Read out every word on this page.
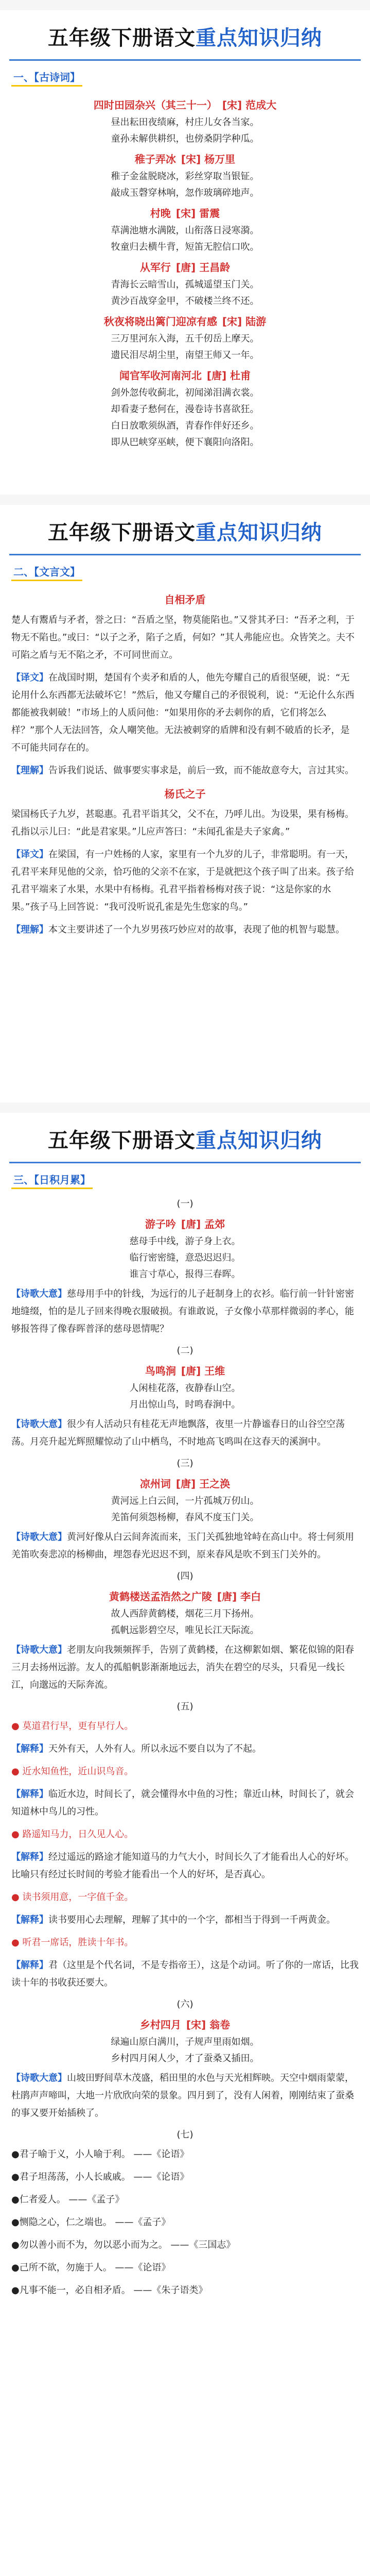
五年级下册语文重点知识归纳
一、【古诗词】
四时田园杂兴（其三十一） [宋] 范成大
昼出耘田夜绩麻，村庄儿女各当家。
童孙未解供耕织，也傍桑阴学种瓜。
稚子弄冰 [宋] 杨万里
稚子金盆脱晓冰，彩丝穿取当银钲。
敲成玉磬穿林响，忽作玻璃碎地声。
村晚 [宋] 雷震
草满池塘水满陂，山衔落日浸寒漪。
牧童归去横牛背，短笛无腔信口吹。
从军行 [唐] 王昌龄
青海长云暗雪山，孤城遥望玉门关。
黄沙百战穿金甲，不破楼兰终不还。
秋夜将晓出篱门迎凉有感 [宋] 陆游
三万里河东入海，五千仞岳上摩天。
遗民泪尽胡尘里，南望王师又一年。
闻官军收河南河北 [唐] 杜甫
剑外忽传收蓟北，初闻涕泪满衣裳。
却看妻子愁何在，漫卷诗书喜欲狂。
白日放歌须纵酒，青春作伴好还乡。
即从巴峡穿巫峡，便下襄阳向洛阳。
五年级下册语文重点知识归纳
二、【文言文】
自相矛盾
楚人有鬻盾与矛者，誉之曰：“吾盾之坚，物莫能陷也。”又誉其矛曰：“吾矛之利，于物无不陷也。”或曰：“以子之矛，陷子之盾，何如？”其人弗能应也。众皆笑之。夫不可陷之盾与无不陷之矛，不可同世而立。
【译文】在战国时期，楚国有个卖矛和盾的人，他先夸耀自己的盾很坚硬，说：“无论用什么东西都无法破坏它！”然后，他又夸耀自己的矛很锐利，说：“无论什么东西都能被我刺破！”市场上的人质问他：“如果用你的矛去刺你的盾，它们将怎么样？”那个人无法回答，众人嘲笑他。无法被刺穿的盾牌和没有刺不破盾的长矛，是不可能共同存在的。
【理解】告诉我们说话、做事要实事求是，前后一致，而不能故意夸大，言过其实。
杨氏之子
梁国杨氏子九岁，甚聪惠。孔君平诣其父，父不在，乃呼儿出。为设果，果有杨梅。孔指以示儿曰：“此是君家果。”儿应声答曰：“未闻孔雀是夫子家禽。”
【译文】在梁国，有一户姓杨的人家，家里有一个九岁的儿子，非常聪明。有一天，孔君平来拜见他的父亲，恰巧他的父亲不在家，于是就把这个孩子叫了出来。孩子给孔君平端来了水果，水果中有杨梅。孔君平指着杨梅对孩子说：“这是你家的水果。”孩子马上回答说：“我可没听说孔雀是先生您家的鸟。”
【理解】本文主要讲述了一个九岁男孩巧妙应对的故事，表现了他的机智与聪慧。
五年级下册语文重点知识归纳
三、【日积月累】
(一)
游子吟 [唐] 孟郊
慈母手中线，游子身上衣。
临行密密缝，意恐迟迟归。
谁言寸草心，报得三春晖。
【诗歌大意】慈母用手中的针线，为远行的儿子赶制身上的衣衫。临行前一针针密密地缝缀，怕的是儿子回来得晚衣服破损。有谁敢说，子女像小草那样微弱的孝心，能够报答得了像春晖普泽的慈母恩情呢？
(二)
鸟鸣涧 [唐] 王维
人闲桂花落，夜静春山空。
月出惊山鸟，时鸣春涧中。
【诗歌大意】很少有人活动只有桂花无声地飘落，夜里一片静谧春日的山谷空空荡荡。月亮升起光辉照耀惊动了山中栖鸟，不时地高飞鸣叫在这春天的溪涧中。
(三)
凉州词 [唐] 王之涣
黄河远上白云间，一片孤城万仞山。
羌笛何须怨杨柳，春风不度玉门关。
【诗歌大意】黄河好像从白云间奔流而来，玉门关孤独地耸峙在高山中。将士何须用羌笛吹奏悲凉的杨柳曲，埋怨春光迟迟不到，原来春风是吹不到玉门关外的。
(四)
黄鹤楼送孟浩然之广陵 [唐] 李白
故人西辞黄鹤楼，烟花三月下扬州。
孤帆远影碧空尽，唯见长江天际流。
【诗歌大意】老朋友向我频频挥手，告别了黄鹤楼，在这柳絮如烟、繁花似锦的阳春三月去扬州远游。友人的孤船帆影渐渐地远去，消失在碧空的尽头，只看见一线长江，向邈远的天际奔流。
(五)
● 莫道君行早，更有早行人。
【解释】天外有天，人外有人。所以永远不要自以为了不起。
● 近水知鱼性，近山识鸟音。
【解释】临近水边，时间长了，就会懂得水中鱼的习性；靠近山林，时间长了，就会知道林中鸟儿的习性。
● 路遥知马力，日久见人心。
【解释】经过遥远的路途才能知道马的力气大小，时间长久了才能看出人心的好坏。比喻只有经过长时间的考验才能看出一个人的好坏，是否真心。
● 读书须用意，一字值千金。
【解释】读书要用心去理解，理解了其中的一个字，都相当于得到一千两黄金。
● 听君一席话，胜读十年书。
【解释】君（这里是个代名词，不是专指帝王），这是个动词。听了你的一席话，比我读十年的书收获还要大。
(六)
乡村四月 [宋] 翁卷
绿遍山原白满川，子规声里雨如烟。
乡村四月闲人少，才了蚕桑又插田。
【诗歌大意】山坡田野间草木茂盛，稻田里的水色与天光相辉映。天空中烟雨蒙蒙，杜鹃声声啼叫，大地一片欣欣向荣的景象。四月到了，没有人闲着，刚刚结束了蚕桑的事又要开始插秧了。
(七)
●君子喻于义，小人喻于利。 ——《论语》
●君子坦荡荡，小人长戚戚。 ——《论语》
●仁者爱人。 ——《孟子》
●恻隐之心，仁之端也。 ——《孟子》
●勿以善小而不为，勿以恶小而为之。 ——《三国志》
●己所不欲，勿施于人。 ——《论语》
●凡事不能一，必自相矛盾。 ——《朱子语类》
